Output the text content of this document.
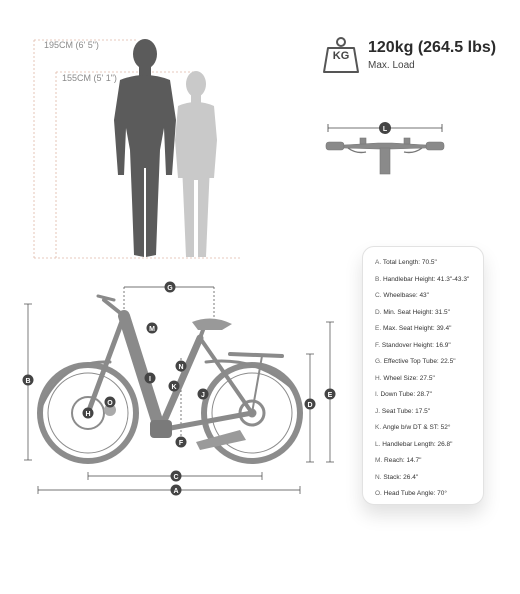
195CM (6' 5")
155CM (5' 1")
KG	120kg (264.5 lbs)
Max. Load
L
A
B
C
D
E
F
G
H
I
J
K
M
N
O
A. Total Length: 70.5"
B. Handlebar Height: 41.3"-43.3"
C. Wheelbase: 43"
D. Min. Seat Height: 31.5"
E. Max. Seat Height: 39.4"
F. Standover Height: 16.9"
G. Effective Top Tube: 22.5"
H. Wheel Size: 27.5"
I. Down Tube: 28.7"
J. Seat Tube: 17.5"
K. Angle b/w DT & ST: 52°
L. Handlebar Length: 26.8"
M. Reach: 14.7"
N. Stack: 26.4"
O. Head Tube Angle: 70°
